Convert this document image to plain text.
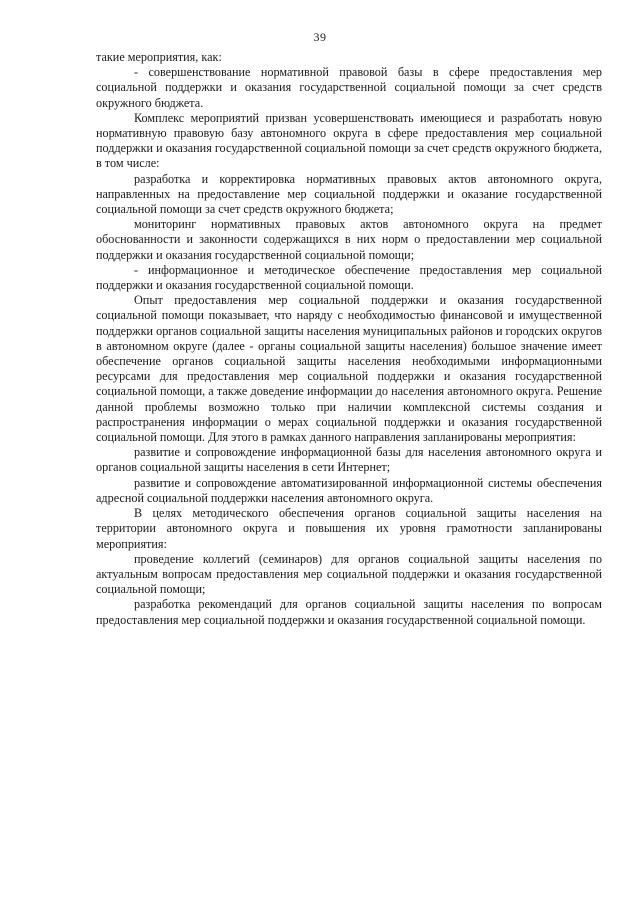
39

такие мероприятия, как:

- совершенствование нормативной правовой базы в сфере предоставления мер социальной поддержки и оказания государственной социальной помощи за счет средств окружного бюджета.

Комплекс мероприятий призван усовершенствовать имеющиеся и разработать новую нормативную правовую базу автономного округа в сфере предоставления мер социальной поддержки и оказания государственной социальной помощи за счет средств окружного бюджета, в том числе:

разработка и корректировка нормативных правовых актов автономного округа, направленных на предоставление мер социальной поддержки и оказание государственной социальной помощи за счет средств окружного бюджета;

мониторинг нормативных правовых актов автономного округа на предмет обоснованности и законности содержащихся в них норм о предоставлении мер социальной поддержки и оказания государственной социальной помощи;

- информационное и методическое обеспечение предоставления мер социальной поддержки и оказания государственной социальной помощи.

Опыт предоставления мер социальной поддержки и оказания государственной социальной помощи показывает, что наряду с необходимостью финансовой и имущественной поддержки органов социальной защиты населения муниципальных районов и городских округов в автономном округе (далее - органы социальной защиты населения) большое значение имеет обеспечение органов социальной защиты населения необходимыми информационными ресурсами для предоставления мер социальной поддержки и оказания государственной социальной помощи, а также доведение информации до населения автономного округа. Решение данной проблемы возможно только при наличии комплексной системы создания и распространения информации о мерах социальной поддержки и оказания государственной социальной помощи. Для этого в рамках данного направления запланированы мероприятия:

развитие и сопровождение информационной базы для населения автономного округа и органов социальной защиты населения в сети Интернет;

развитие и сопровождение автоматизированной информационной системы обеспечения адресной социальной поддержки населения автономного округа.

В целях методического обеспечения органов социальной защиты населения на территории автономного округа и повышения их уровня грамотности запланированы мероприятия:

проведение коллегий (семинаров) для органов социальной защиты населения по актуальным вопросам предоставления мер социальной поддержки и оказания государственной социальной помощи;

разработка рекомендаций для органов социальной защиты населения по вопросам предоставления мер социальной поддержки и оказания государственной социальной помощи.
